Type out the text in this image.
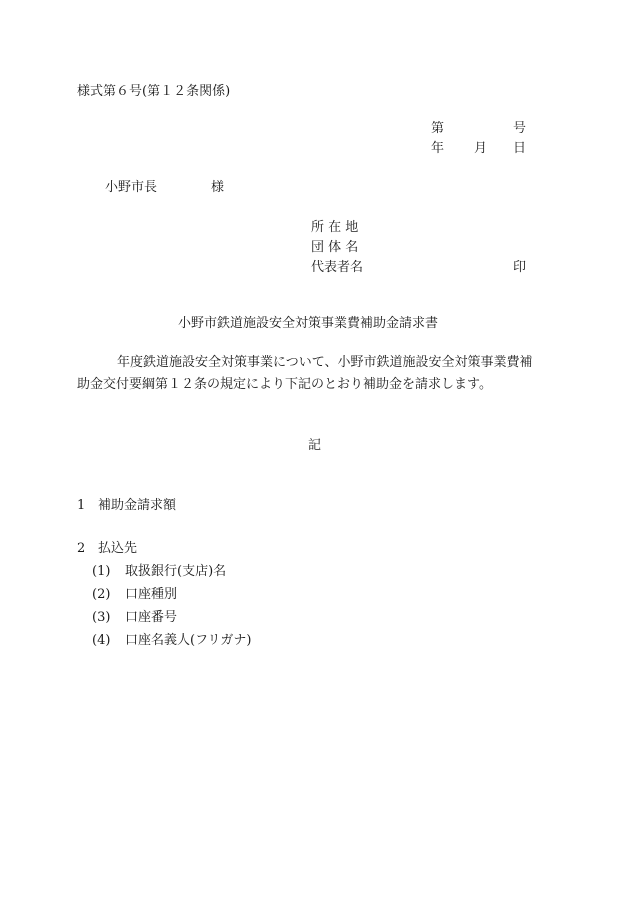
様式第６号(第１２条関係)
第	号
年 月 日
小野市長	様
所 在 地
団 体 名
代表者名	印
小野市鉄道施設安全対策事業費補助金請求書
年度鉄道施設安全対策事業について、小野市鉄道施設安全対策事業費補
助金交付要綱第１２条の規定により下記のとおり補助金を請求します。
記
1 補助金請求額
2 払込先
(1) 取扱銀行(支店)名
(2) 口座種別
(3) 口座番号
(4) 口座名義人(フリガナ)
